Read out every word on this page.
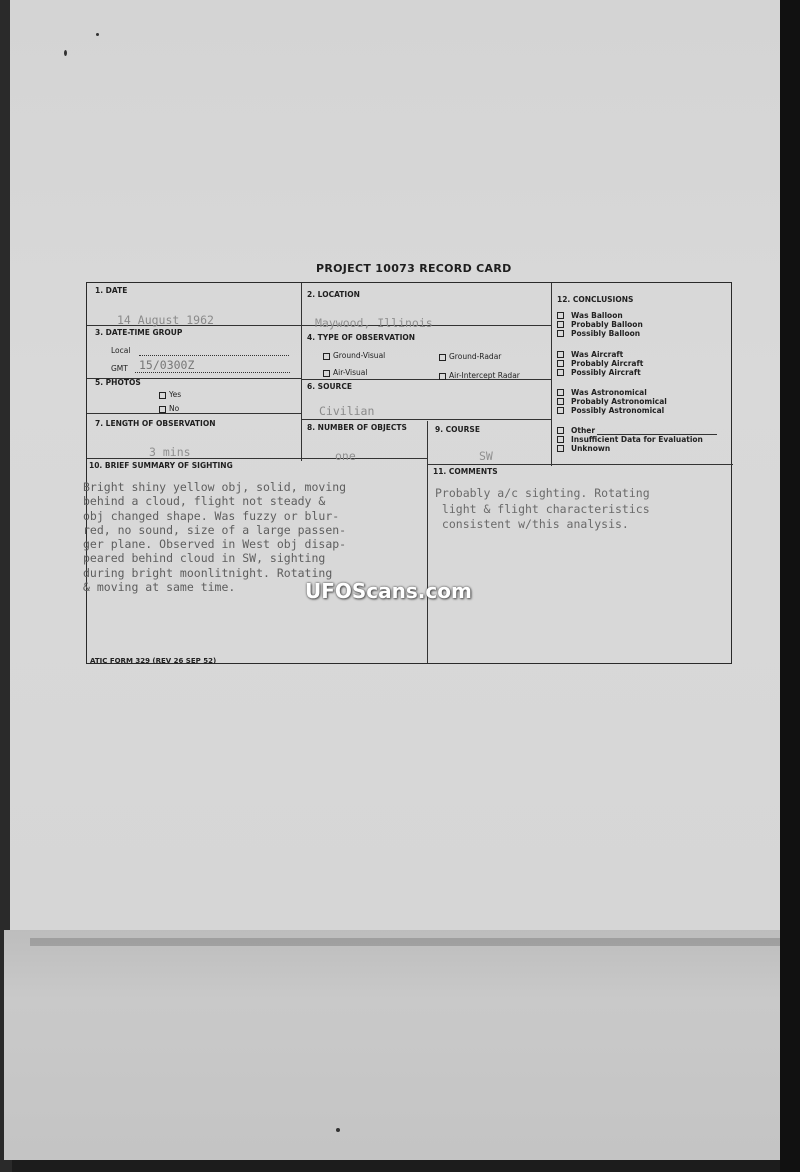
PROJECT 10073 RECORD CARD
1. DATE
14 August 1962
2. LOCATION
Maywood, Illinois
3. DATE-TIME GROUP
Local
GMT 15/0300Z
4. TYPE OF OBSERVATION
Ground-Visual	Ground-Radar
Air-Visual	Air-Intercept Radar
5. PHOTOS
Yes
No
6. SOURCE
Civilian
7. LENGTH OF OBSERVATION
3 mins
8. NUMBER OF OBJECTS
one
9. COURSE
SW
10. BRIEF SUMMARY OF SIGHTING
Bright shiny yellow obj, solid, moving
behind a cloud, flight not steady &
obj changed shape. Was fuzzy or blur-
red, no sound, size of a large passen-
ger plane. Observed in West obj disap-
peared behind cloud in SW, sighting
during bright moonlitnight. Rotating
& moving at same time.
11. COMMENTS
Probably a/c sighting. Rotating
light & flight characteristics
consistent w/this analysis.
12. CONCLUSIONS
Was Balloon
Probably Balloon
Possibly Balloon
Was Aircraft
Probably Aircraft
Possibly Aircraft
Was Astronomical
Probably Astronomical
Possibly Astronomical
Other
Insufficient Data for Evaluation
Unknown
ATIC FORM 329 (REV 26 SEP 52)
UFOScans.com
